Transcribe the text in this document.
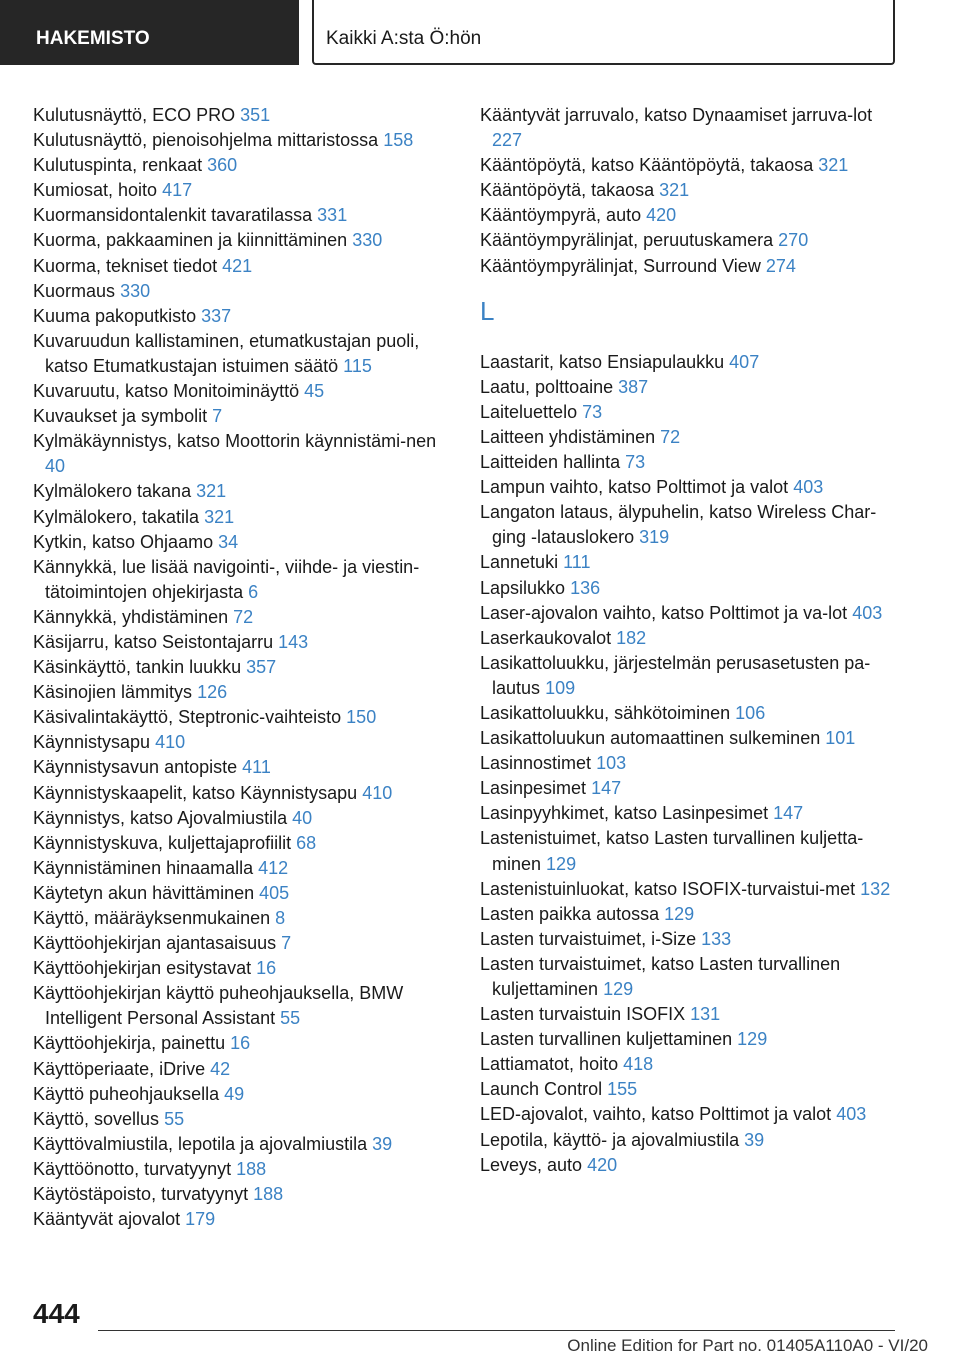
HAKEMISTO	Kaikki A:sta Ö:hön
Kulutusnäyttö, ECO PRO 351
Kulutusnäyttö, pienoisohjelma mittaristossa 158
Kulutuspinta, renkaat 360
Kumiosat, hoito 417
Kuormansidontalenkit tavaratilassa 331
Kuorma, pakkaaminen ja kiinnittäminen 330
Kuorma, tekniset tiedot 421
Kuormaus 330
Kuuma pakoputkisto 337
Kuvaruudun kallistaminen, etumatkustajan puoli, katso Etumatkustajan istuimen säätö 115
Kuvaruutu, katso Monitoiminäyttö 45
Kuvaukset ja symbolit 7
Kylmäkäynnistys, katso Moottorin käynnistämi-nen 40
Kylmälokero takana 321
Kylmälokero, takatila 321
Kytkin, katso Ohjaamo 34
Kännykkä, lue lisää navigointi-, viihde- ja viestin-tätoimintojen ohjekirjasta 6
Kännykkä, yhdistäminen 72
Käsijarru, katso Seistontajarru 143
Käsinkäyttö, tankin luukku 357
Käsinojien lämmitys 126
Käsivalintakäyttö, Steptronic-vaihteisto 150
Käynnistysapu 410
Käynnistysavun antopiste 411
Käynnistyskaapelit, katso Käynnistysapu 410
Käynnistys, katso Ajovalmiustila 40
Käynnistyskuva, kuljettajaprofiilit 68
Käynnistäminen hinaamalla 412
Käytetyn akun hävittäminen 405
Käyttö, määräyksenmukainen 8
Käyttöohjekirjan ajantasaisuus 7
Käyttöohjekirjan esitystavat 16
Käyttöohjekirjan käyttö puheohjauksella, BMW Intelligent Personal Assistant 55
Käyttöohjekirja, painettu 16
Käyttöperiaate, iDrive 42
Käyttö puheohjauksella 49
Käyttö, sovellus 55
Käyttövalmiustila, lepotila ja ajovalmiustila 39
Käyttöönotto, turvatyynyt 188
Käytöstäpoisto, turvatyynyt 188
Kääntyvät ajovalot 179
Kääntyvät jarruvalo, katso Dynaamiset jarruva-lot 227
Kääntöpöytä, katso Kääntöpöytä, takaosa 321
Kääntöpöytä, takaosa 321
Kääntöympyrä, auto 420
Kääntöympyrälinjat, peruutuskamera 270
Kääntöympyrälinjat, Surround View 274
L
Laastarit, katso Ensiapulaukku 407
Laatu, polttoaine 387
Laiteluettelo 73
Laitteen yhdistäminen 72
Laitteiden hallinta 73
Lampun vaihto, katso Polttimot ja valot 403
Langaton lataus, älypuhelin, katso Wireless Char-ging -latauslokero 319
Lannetuki 111
Lapsilukko 136
Laser-ajovalon vaihto, katso Polttimot ja va-lot 403
Laserkaukovalot 182
Lasikattoluukku, järjestelmän perusasetusten pa-lautus 109
Lasikattoluukku, sähkötoiminen 106
Lasikattoluukun automaattinen sulkeminen 101
Lasinnostimet 103
Lasinpesimet 147
Lasinpyyhkimet, katso Lasinpesimet 147
Lastenistuimet, katso Lasten turvallinen kuljetta-minen 129
Lastenistuinluokat, katso ISOFIX-turvaistui-met 132
Lasten paikka autossa 129
Lasten turvaistuimet, i-Size 133
Lasten turvaistuimet, katso Lasten turvallinen kuljettaminen 129
Lasten turvaistuin ISOFIX 131
Lasten turvallinen kuljettaminen 129
Lattiamatot, hoito 418
Launch Control 155
LED-ajovalot, vaihto, katso Polttimot ja valot 403
Lepotila, käyttö- ja ajovalmiustila 39
Leveys, auto 420
444
Online Edition for Part no. 01405A110A0 - VI/20
